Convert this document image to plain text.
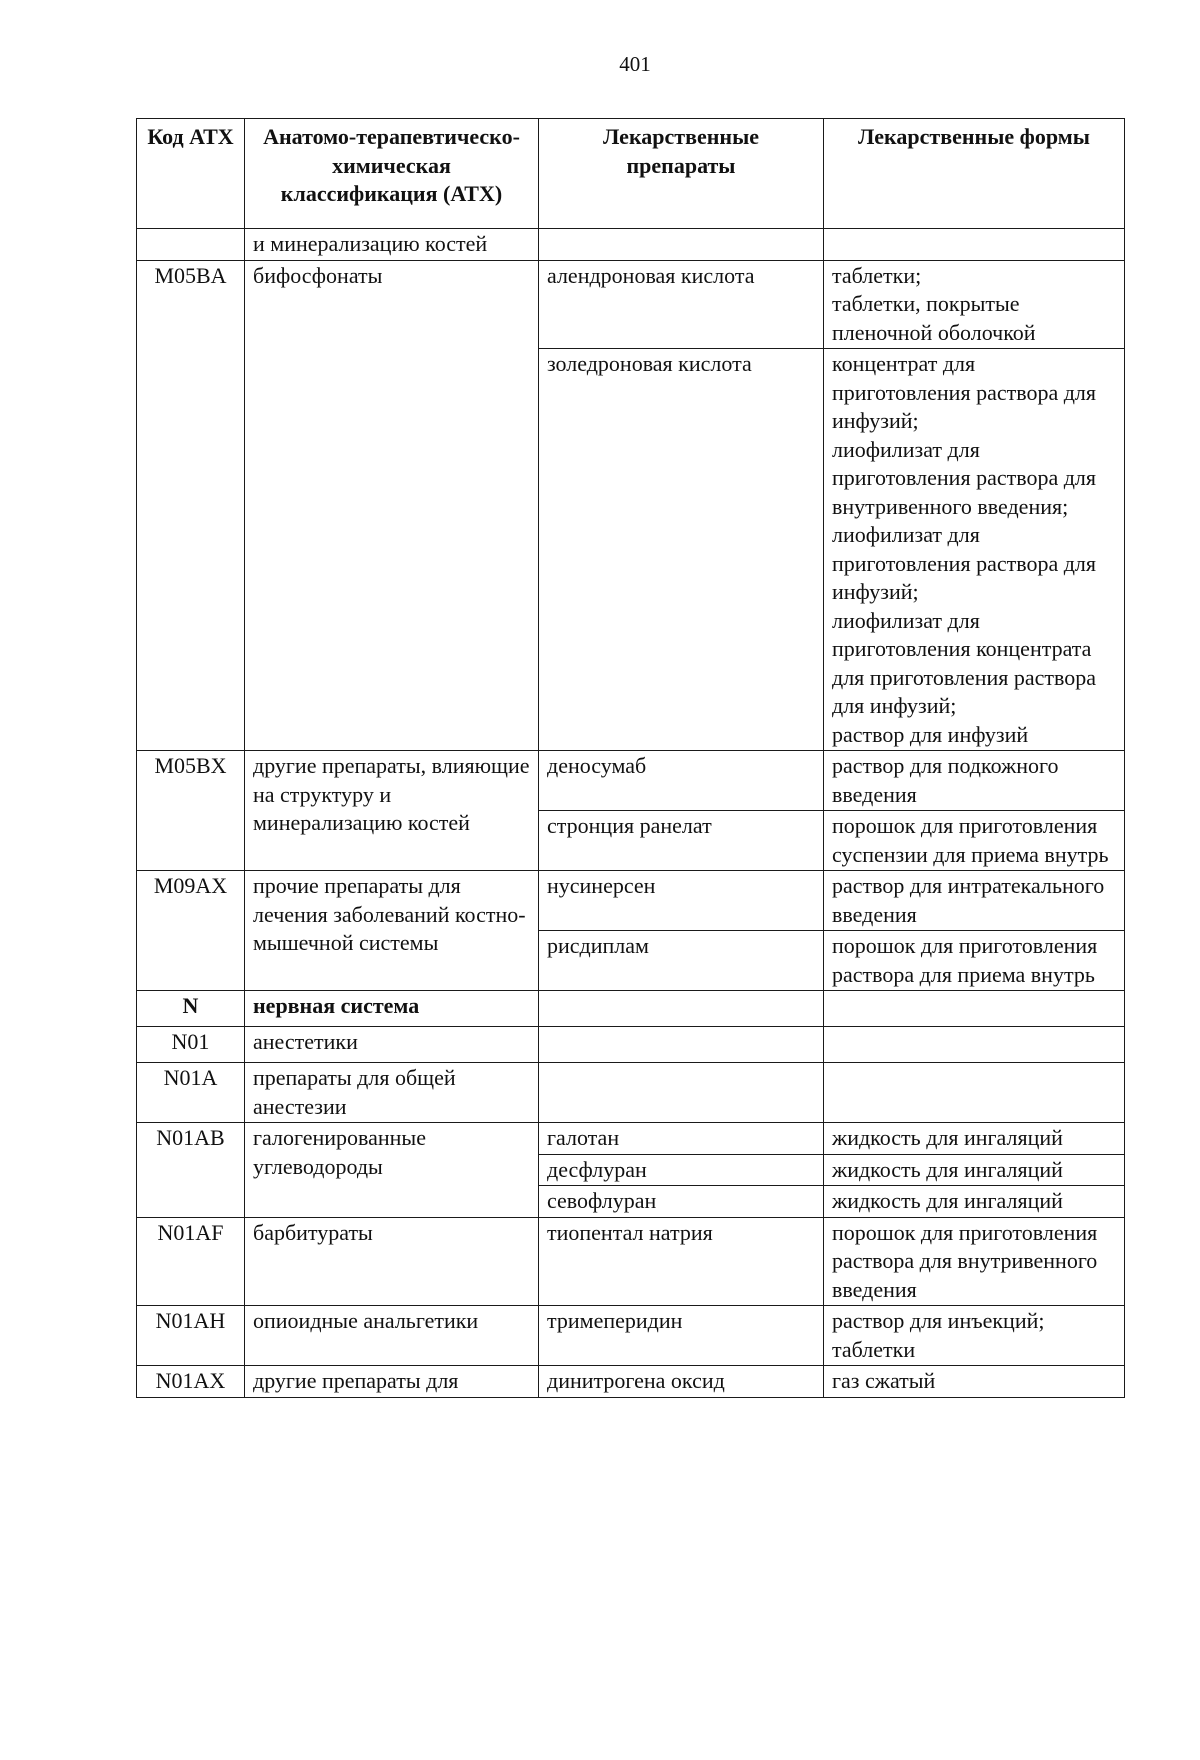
401
Код АТХ	Анатомо-терапевтическо-химическая классификация (АТХ)	Лекарственные препараты	Лекарственные формы
	и минерализацию костей		
M05BA	бифосфонаты	алендроновая кислота	таблетки;
таблетки, покрытые пленочной оболочкой

		золедроновая кислота	концентрат для приготовления раствора для инфузий;
лиофилизат для приготовления раствора для внутривенного введения;
лиофилизат для приготовления раствора для инфузий;
лиофилизат для приготовления концентрата для приготовления раствора для инфузий;
раствор для инфузий

M05BX	другие препараты, влияющие на структуру и минерализацию костей	деносумаб	раствор для подкожного введения

		стронция ранелат	порошок для приготовления суспензии для приема внутрь

M09AX	прочие препараты для лечения заболеваний костно-мышечной системы	нусинерсен	раствор для интратекального введения

		рисдиплам	порошок для приготовления раствора для приема внутрь

N	нервная система		
N01	анестетики		
N01A	препараты для общей анестезии		
N01AB	галогенированные углеводороды	галотан	жидкость для ингаляций

		десфлуран	жидкость для ингаляций

		севофлуран	жидкость для ингаляций

N01AF	барбитураты	тиопентал натрия	порошок для приготовления раствора для внутривенного введения

N01AH	опиоидные анальгетики	тримеперидин	раствор для инъекций;
таблетки

N01AX	другие препараты для	динитрогена оксид	газ сжатый
